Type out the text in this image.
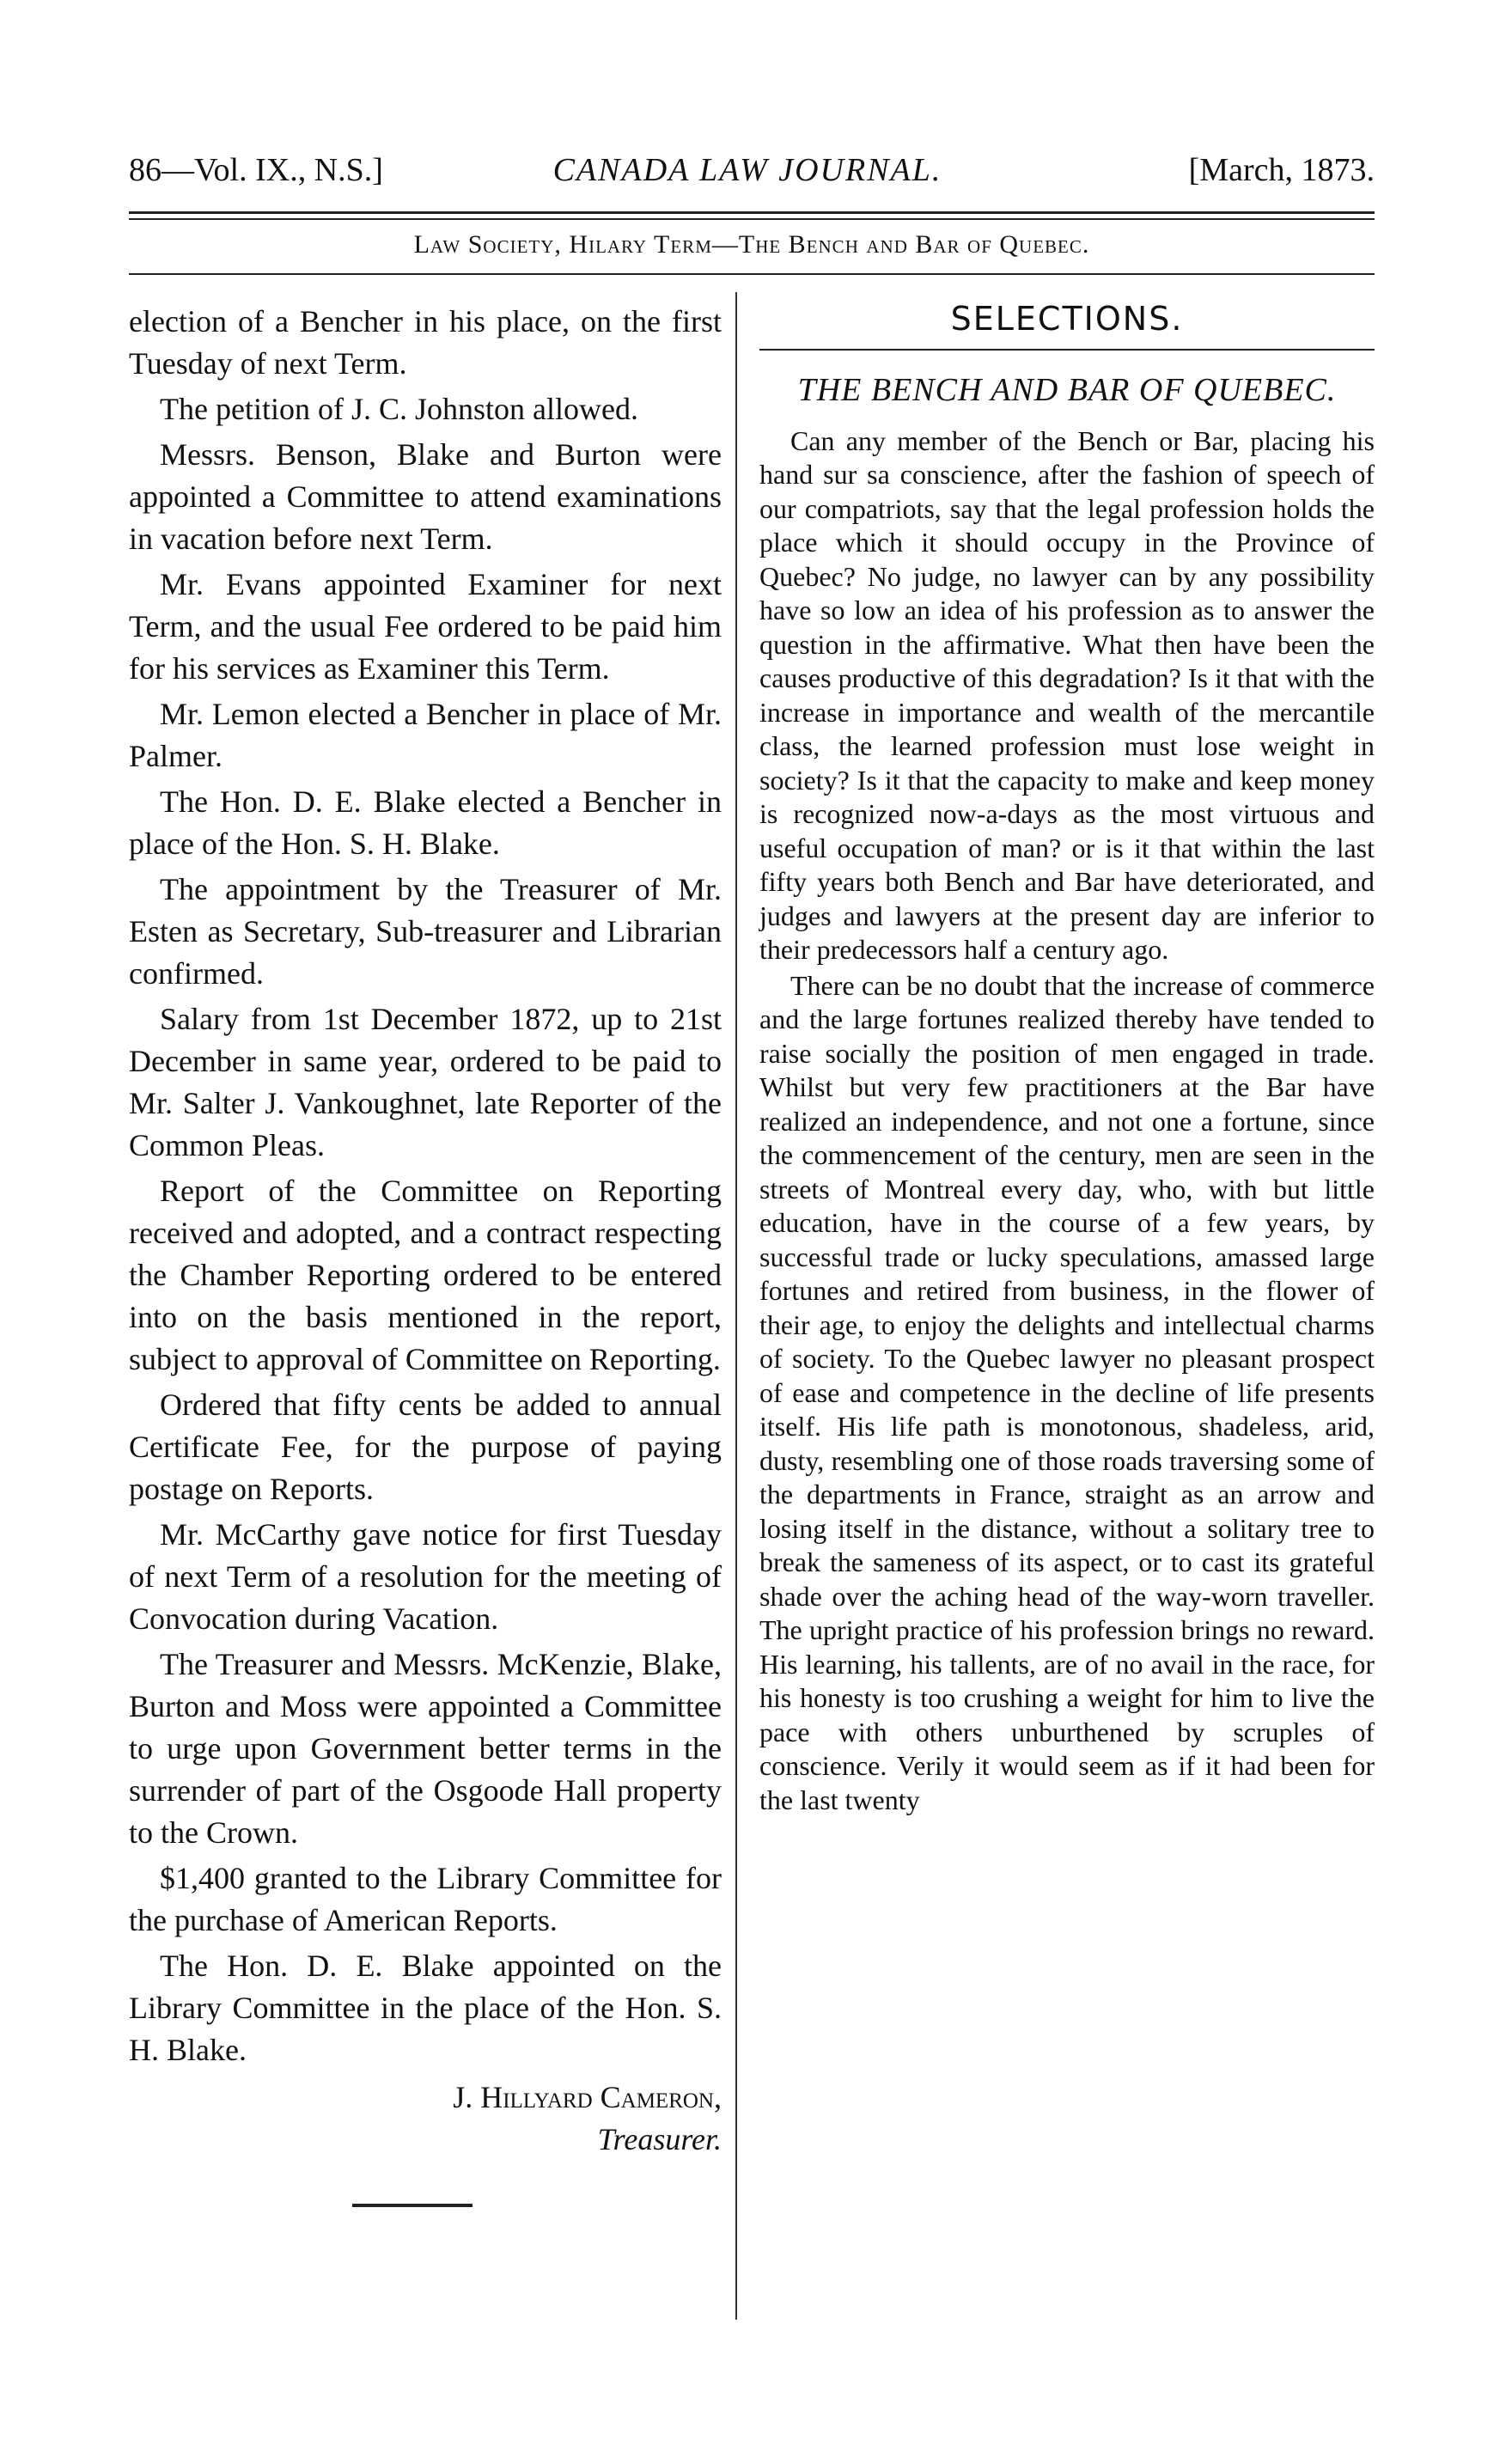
86—Vol. IX., N.S.]	CANADA LAW JOURNAL.	[March, 1873.
Law Society, Hilary Term—The Bench and Bar of Quebec.

election of a Bencher in his place, on the first Tuesday of next Term.

The petition of J. C. Johnston allowed.

Messrs. Benson, Blake and Burton were appointed a Committee to attend examinations in vacation before next Term.

Mr. Evans appointed Examiner for next Term, and the usual Fee ordered to be paid him for his services as Examiner this Term.

Mr. Lemon elected a Bencher in place of Mr. Palmer.

The Hon. D. E. Blake elected a Bencher in place of the Hon. S. H. Blake.

The appointment by the Treasurer of Mr. Esten as Secretary, Sub-treasurer and Librarian confirmed.

Salary from 1st December 1872, up to 21st December in same year, ordered to be paid to Mr. Salter J. Vankoughnet, late Reporter of the Common Pleas.

Report of the Committee on Reporting received and adopted, and a contract respecting the Chamber Reporting ordered to be entered into on the basis mentioned in the report, subject to approval of Committee on Reporting.

Ordered that fifty cents be added to annual Certificate Fee, for the purpose of paying postage on Reports.

Mr. McCarthy gave notice for first Tuesday of next Term of a resolution for the meeting of Convocation during Vacation.

The Treasurer and Messrs. McKenzie, Blake, Burton and Moss were appointed a Committee to urge upon Government better terms in the surrender of part of the Osgoode Hall property to the Crown.

$1,400 granted to the Library Committee for the purchase of American Reports.

The Hon. D. E. Blake appointed on the Library Committee in the place of the Hon. S. H. Blake.

J. Hillyard Cameron,
Treasurer.
SELECTIONS.
THE BENCH AND BAR OF QUEBEC.

Can any member of the Bench or Bar, placing his hand sur sa conscience, after the fashion of speech of our compatriots, say that the legal profession holds the place which it should occupy in the Province of Quebec? No judge, no lawyer can by any possibility have so low an idea of his profession as to answer the question in the affirmative. What then have been the causes productive of this degradation? Is it that with the increase in importance and wealth of the mercantile class, the learned profession must lose weight in society? Is it that the capacity to make and keep money is recognized now-a-days as the most virtuous and useful occupation of man? or is it that within the last fifty years both Bench and Bar have deteriorated, and judges and lawyers at the present day are inferior to their predecessors half a century ago.

There can be no doubt that the increase of commerce and the large fortunes realized thereby have tended to raise socially the position of men engaged in trade. Whilst but very few practitioners at the Bar have realized an independence, and not one a fortune, since the commencement of the century, men are seen in the streets of Montreal every day, who, with but little education, have in the course of a few years, by successful trade or lucky speculations, amassed large fortunes and retired from business, in the flower of their age, to enjoy the delights and intellectual charms of society. To the Quebec lawyer no pleasant prospect of ease and competence in the decline of life presents itself. His life path is monotonous, shadeless, arid, dusty, resembling one of those roads traversing some of the departments in France, straight as an arrow and losing itself in the distance, without a solitary tree to break the sameness of its aspect, or to cast its grateful shade over the aching head of the way-worn traveller. The upright practice of his profession brings no reward. His learning, his tallents, are of no avail in the race, for his honesty is too crushing a weight for him to live the pace with others unburthened by scruples of conscience. Verily it would seem as if it had been for the last twenty
